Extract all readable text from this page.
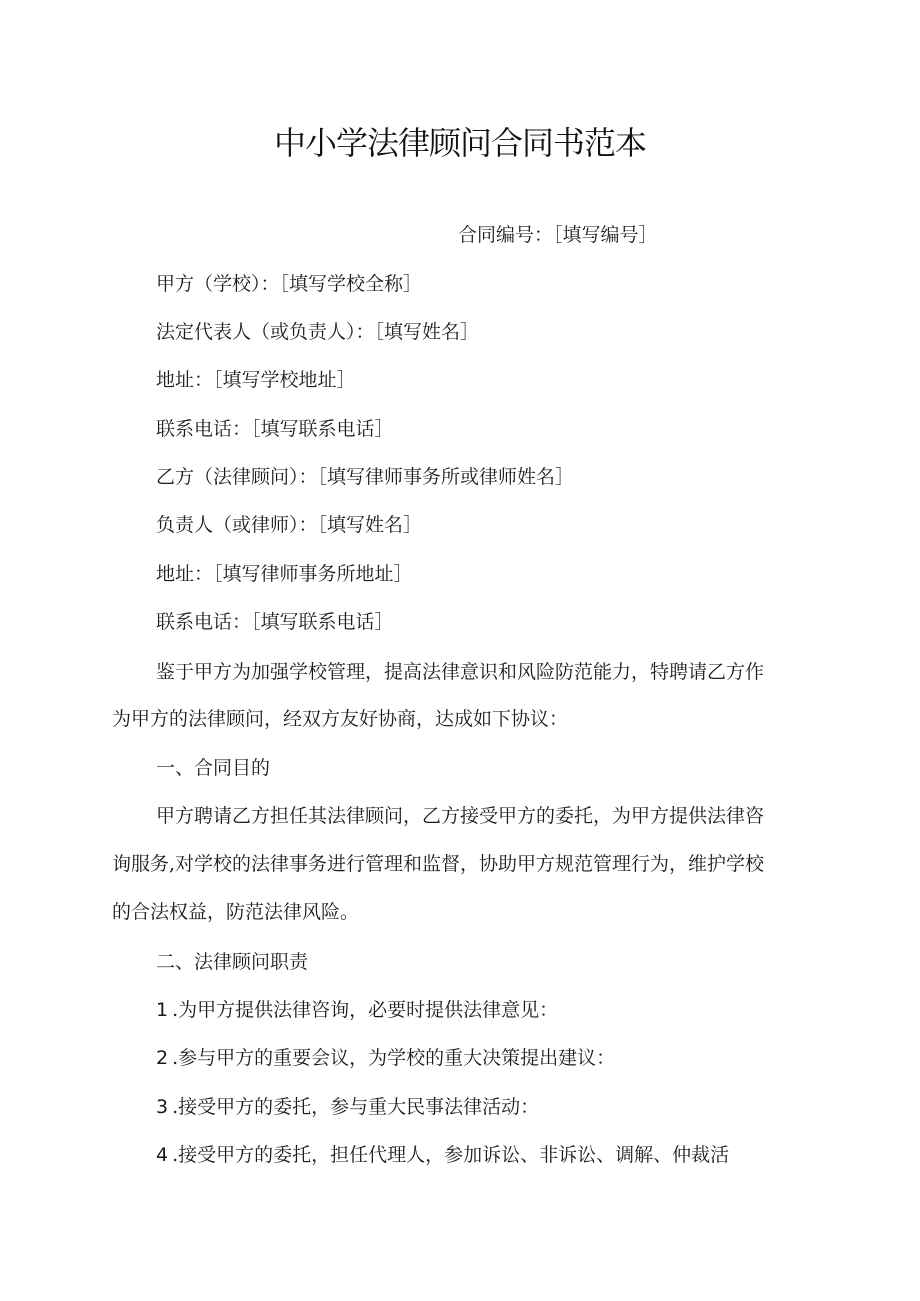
中小学法律顾问合同书范本
合同编号：［填写编号］
甲方（学校）：［填写学校全称］
法定代表人（或负责人）：［填写姓名］
地址：［填写学校地址］
联系电话：［填写联系电话］
乙方（法律顾问）：［填写律师事务所或律师姓名］
负责人（或律师）：［填写姓名］
地址：［填写律师事务所地址］
联系电话：［填写联系电话］
鉴于甲方为加强学校管理，提高法律意识和风险防范能力，特聘请乙方作
为甲方的法律顾问，经双方友好协商，达成如下协议：
一、合同目的
甲方聘请乙方担任其法律顾问，乙方接受甲方的委托，为甲方提供法律咨
询服务,对学校的法律事务进行管理和监督，协助甲方规范管理行为，维护学校
的合法权益，防范法律风险。
二、法律顾问职责
1 .为甲方提供法律咨询，必要时提供法律意见：
2 .参与甲方的重要会议，为学校的重大决策提出建议：
3 .接受甲方的委托，参与重大民事法律活动：
4 .接受甲方的委托，担任代理人，参加诉讼、非诉讼、调解、仲裁活
